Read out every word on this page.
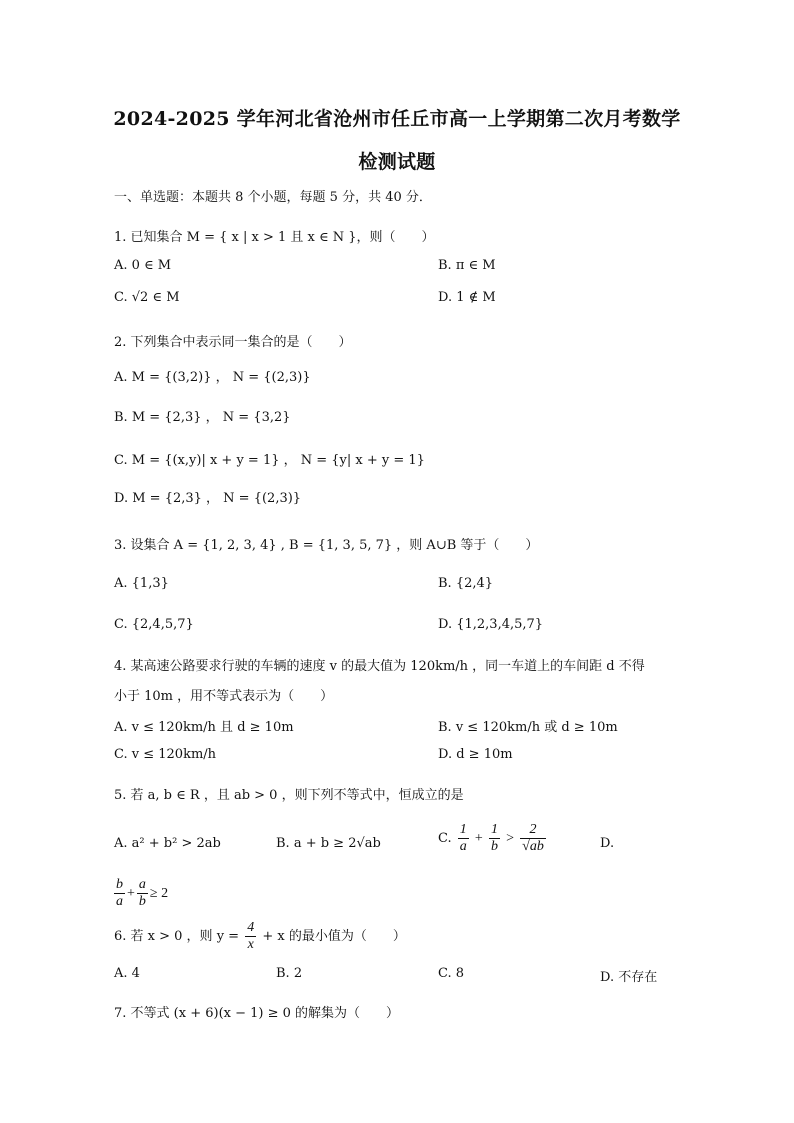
2024-2025 学年河北省沧州市任丘市高一上学期第二次月考数学
检测试题
一、单选题：本题共 8 个小题，每题 5 分，共 40 分．
1. 已知集合 M = { x | x > 1 且 x ∈ N }，则（　　）
A. 0 ∈ M	B. π ∈ M
C. √2 ∈ M	D. 1 ∉ M
2. 下列集合中表示同一集合的是（　　）
A. M = {(3,2)} ， N = {(2,3)}
B. M = {2,3} ， N = {3,2}
C. M = {(x,y)| x + y = 1} ， N = {y| x + y = 1}
D. M = {2,3} ， N = {(2,3)}
3. 设集合 A = {1, 2, 3, 4} , B = {1, 3, 5, 7} ，则 A∪B 等于（　　）
A. {1,3}	B. {2,4}
C. {2,4,5,7}	D. {1,2,3,4,5,7}
4. 某高速公路要求行驶的车辆的速度 v 的最大值为 120km/h ，同一车道上的车间距 d 不得
小于 10m ，用不等式表示为（　　）
A. v ≤ 120km/h 且 d ≥ 10m	B. v ≤ 120km/h 或 d ≥ 10m
C. v ≤ 120km/h	D. d ≥ 10m
5. 若 a, b ∈ R ，且 ab > 0 ，则下列不等式中，恒成立的是
A. a² + b² > 2ab	B. a + b ≥ 2√ab	C. $\frac{1}{a} + \frac{1}{b} > \frac{2}{√ab}$	D.
$\frac{b}{a} + \frac{a}{b} \ge 2$
6. 若 x > 0 ，则 $y = \frac{4}{x} + x$ 的最小值为（　　）
A. 4	B. 2	C. 8	D. 不存在
7. 不等式 (x + 6)(x − 1) ≥ 0 的解集为（　　）
